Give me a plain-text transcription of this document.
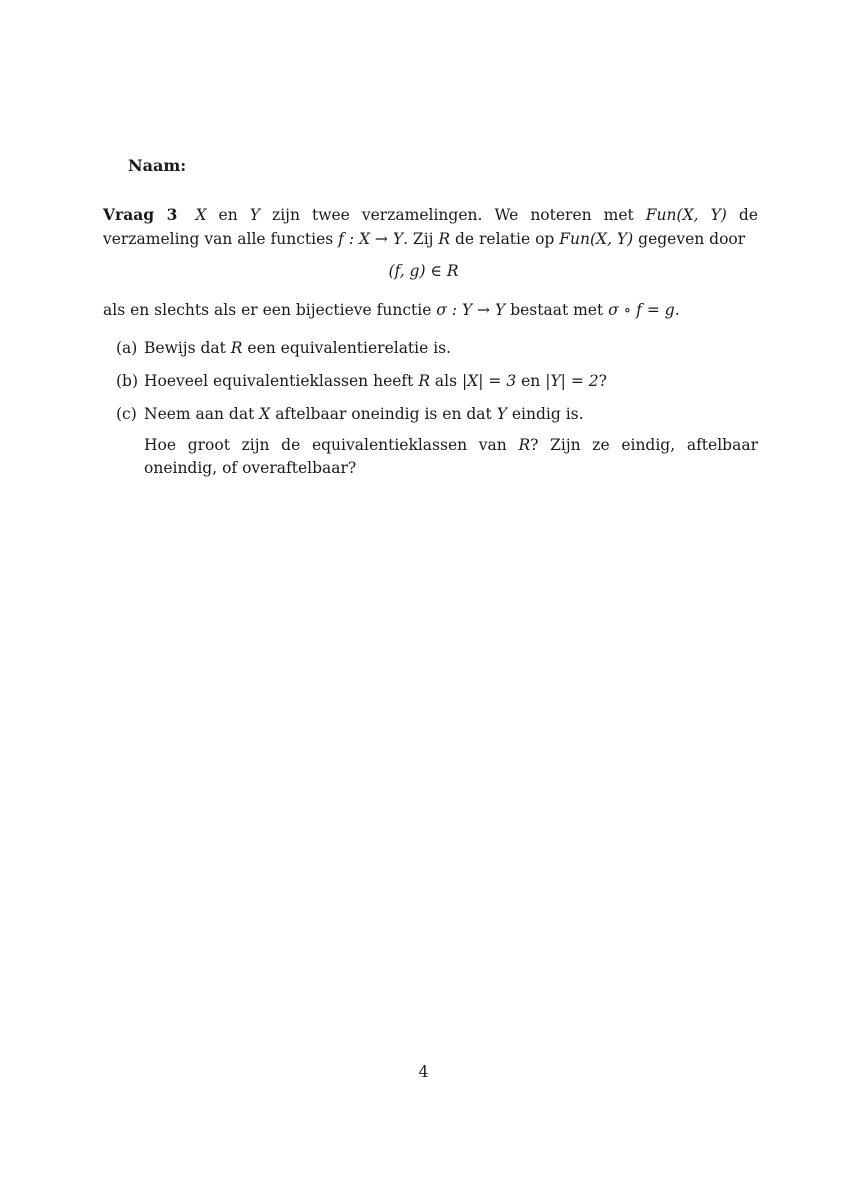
Naam:
Vraag 3 X en Y zijn twee verzamelingen. We noteren met Fun(X, Y) de verzameling van alle functies f : X → Y. Zij R de relatie op Fun(X, Y) gegeven door
(f, g) ∈ R
als en slechts als er een bijectieve functie σ : Y → Y bestaat met σ ∘ f = g.
(a) Bewijs dat R een equivalentierelatie is.
(b) Hoeveel equivalentieklassen heeft R als |X| = 3 en |Y| = 2?
(c) Neem aan dat X aftelbaar oneindig is en dat Y eindig is.

Hoe groot zijn de equivalentieklassen van R? Zijn ze eindig, aftelbaar oneindig, of overaftelbaar?

4
